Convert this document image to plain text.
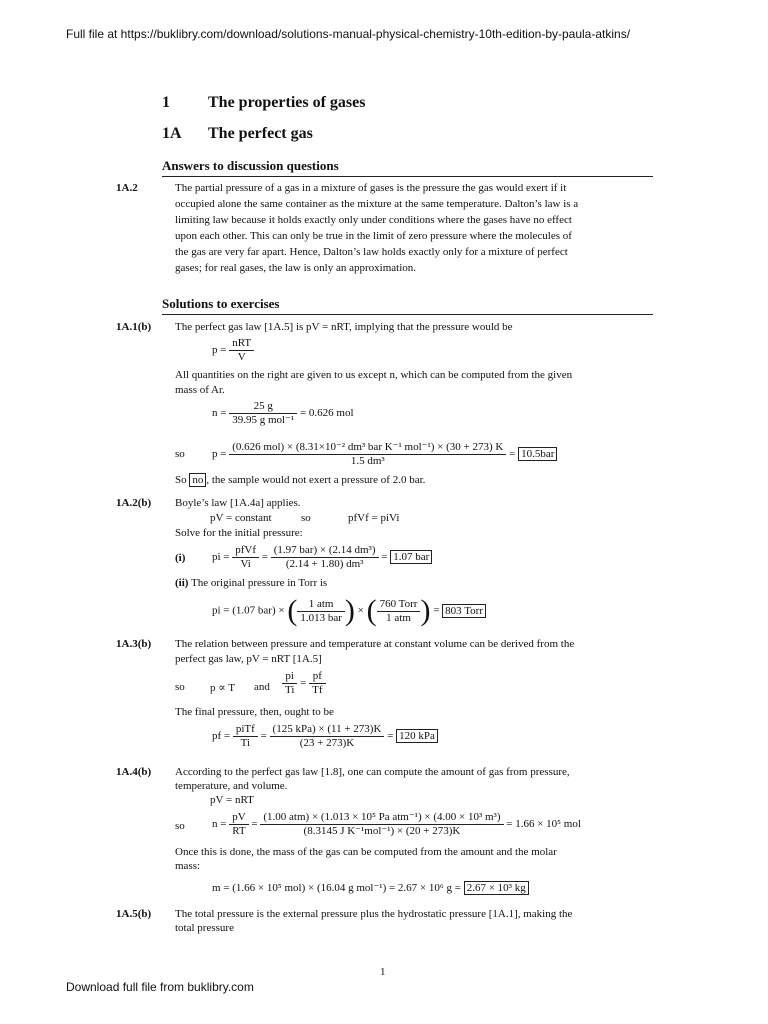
Full file at https://buklibry.com/download/solutions-manual-physical-chemistry-10th-edition-by-paula-atkins/
1 The properties of gases
1A The perfect gas
Answers to discussion questions
1A.2	The partial pressure of a gas in a mixture of gases is the pressure the gas would exert if it
occupied alone the same container as the mixture at the same temperature. Dalton’s law is a
limiting law because it holds exactly only under conditions where the gases have no effect
upon each other. This can only be true in the limit of zero pressure where the molecules of
the gas are very far apart. Hence, Dalton’s law holds exactly only for a mixture of perfect
gases; for real gases, the law is only an approximation.
Solutions to exercises
1A.1(b) The perfect gas law [1A.5] is pV = nRT, implying that the pressure would be
$p = \frac{\text{nRT}}{V}$
All quantities on the right are given to us except n, which can be computed from the given
mass of Ar.
$n = \frac{25 g}{\text{39.95 g mol⁻¹}} = 0.626$ mol
so $p = \frac{\text{(0.626 mol) × (8.31×10⁻² dm³ bar K⁻¹ mol⁻¹) × (30 + 273) K}}{\text{1.5 dm³}} = 10.5bar$
So no , the sample would not exert a pressure of 2.0 bar.
1A.2(b) Boyle’s law [1A.4a] applies.
pV = constant	so	pfVf = piVi
Solve for the initial pressure:
(i) pi = $\frac{\text{pfVf}}{Vi} = \frac{\text{(1.97 bar) × (2.14 dm³)}}{\text{(2.14 + 1.80) dm³}} = 1.07$ bar
(ii) The original pressure in Torr is
pi = (1.07 bar) × ( $\frac{\text{1 atm}}{\text{1.013 bar}}$ ) × ( $\frac{\text{760 Torr}}{\text{1 atm}}$ ) = 803 Torr
1A.3(b) The relation between pressure and temperature at constant volume can be derived from the
perfect gas law, pV = nRT [1A.5]
so p ∝ T and $\frac{pi}{Ti} = \frac{pf}{Tf}$
The final pressure, then, ought to be
pf = $\frac{\text{piTf}}{Ti} = \frac{\text{(125 kPa) × (11 + 273)K}}{(23 + 273)K} = 120$ kPa
1A.4(b) According to the perfect gas law [1.8], one can compute the amount of gas from pressure,
temperature, and volume.
pV = nRT
so $n = \frac{pV}{RT} = \frac{\text{(1.00 atm) × (1.013 × 10⁵ Pa atm⁻¹) × (4.00 × 10³ m³)}}{\text{(8.3145 J K⁻¹mol⁻¹) × (20 + 273)K}} = 1.66 \times 10^5$ mol
Once this is done, the mass of the gas can be computed from the amount and the molar
mass:
m = (1.66 × 10⁵ mol) × (16.04 g mol⁻¹) = 2.67 × 10⁶ g = 2.67 × 10³ kg
1A.5(b) The total pressure is the external pressure plus the hydrostatic pressure [1A.1], making the
total pressure
1
Download full file from buklibry.com
